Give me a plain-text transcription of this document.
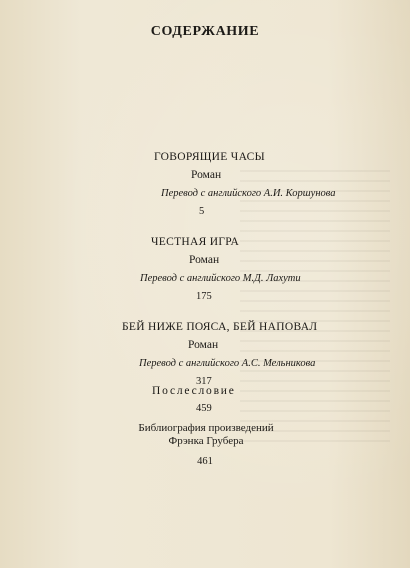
СОДЕРЖАНИЕ
ГОВОРЯЩИЕ ЧАСЫ
Роман
Перевод с английского А.И. Коршунова
5
ЧЕСТНАЯ ИГРА
Роман
Перевод с английского М.Д. Лахути
175
БЕЙ НИЖЕ ПОЯСА, БЕЙ НАПОВАЛ
Роман
Перевод с английского А.С. Мельникова
317
Послесловие
459
Библиография произведений
Фрэнка Грубера
461
